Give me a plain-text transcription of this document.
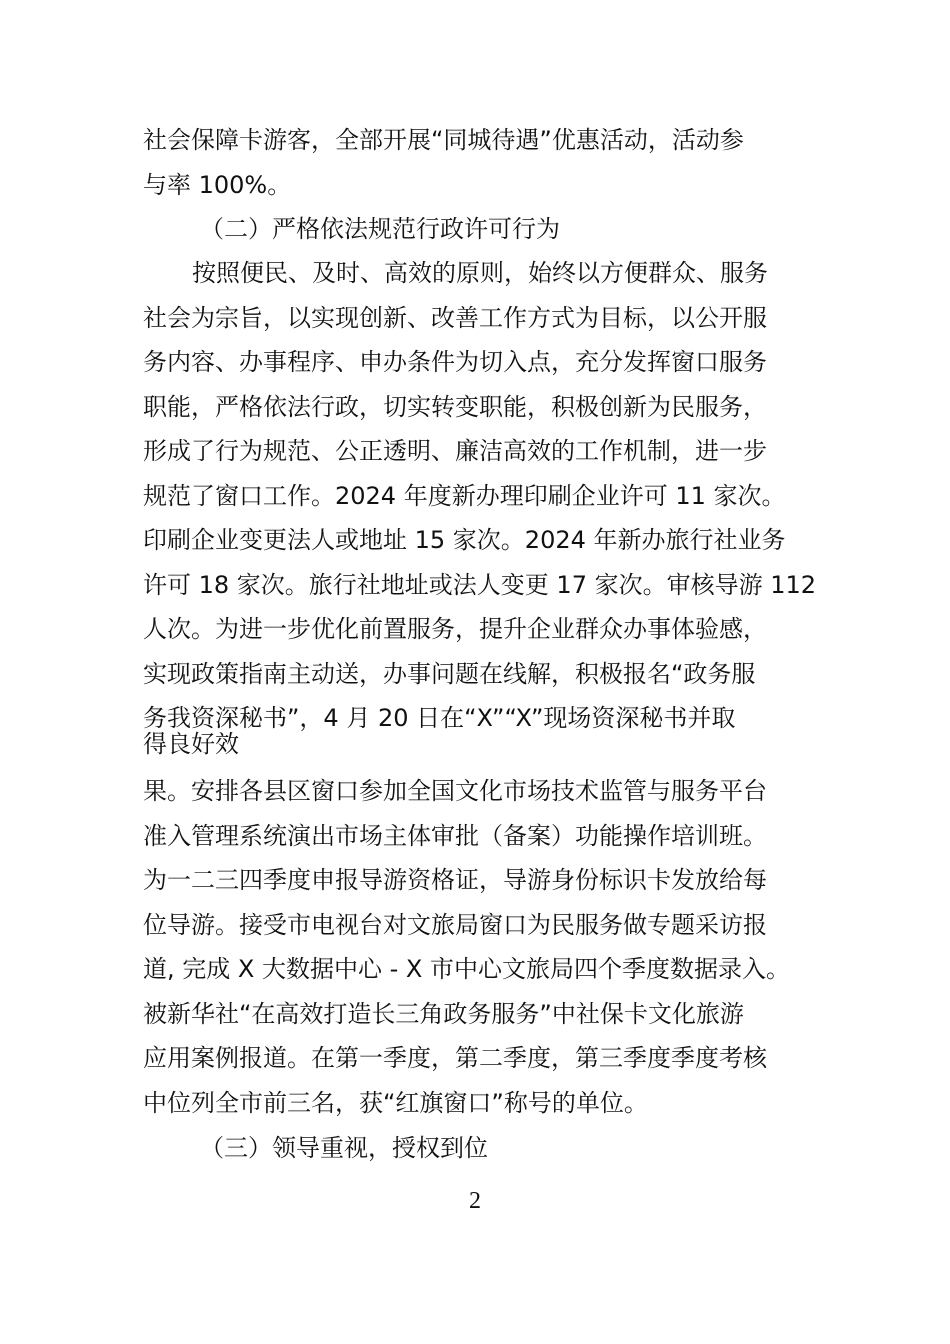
社会保障卡游客，全部开展“同城待遇”优惠活动，活动参
与率 100%。
（二）严格依法规范行政许可行为
按照便民、及时、高效的原则，始终以方便群众、服务
社会为宗旨，以实现创新、改善工作方式为目标，以公开服
务内容、办事程序、申办条件为切入点，充分发挥窗口服务
职能，严格依法行政，切实转变职能，积极创新为民服务，
形成了行为规范、公正透明、廉洁高效的工作机制，进一步
规范了窗口工作。2024 年度新办理印刷企业许可 11 家次。
印刷企业变更法人或地址 15 家次。2024 年新办旅行社业务
许可 18 家次。旅行社地址或法人变更 17 家次。审核导游 112
人次。为进一步优化前置服务，提升企业群众办事体验感，
实现政策指南主动送，办事问题在线解，积极报名“政务服
务我资深秘书”，4 月 20 日在“X”“X”现场资深秘书并取
得良好效
果。安排各县区窗口参加全国文化市场技术监管与服务平台
准入管理系统演出市场主体审批（备案）功能操作培训班。
为一二三四季度申报导游资格证，导游身份标识卡发放给每
位导游。接受市电视台对文旅局窗口为民服务做专题采访报
道, 完成 X 大数据中心 - X 市中心文旅局四个季度数据录入。
被新华社“在高效打造长三角政务服务”中社保卡文化旅游
应用案例报道。在第一季度，第二季度，第三季度季度考核
中位列全市前三名，获“红旗窗口”称号的单位。
（三）领导重视，授权到位
2
